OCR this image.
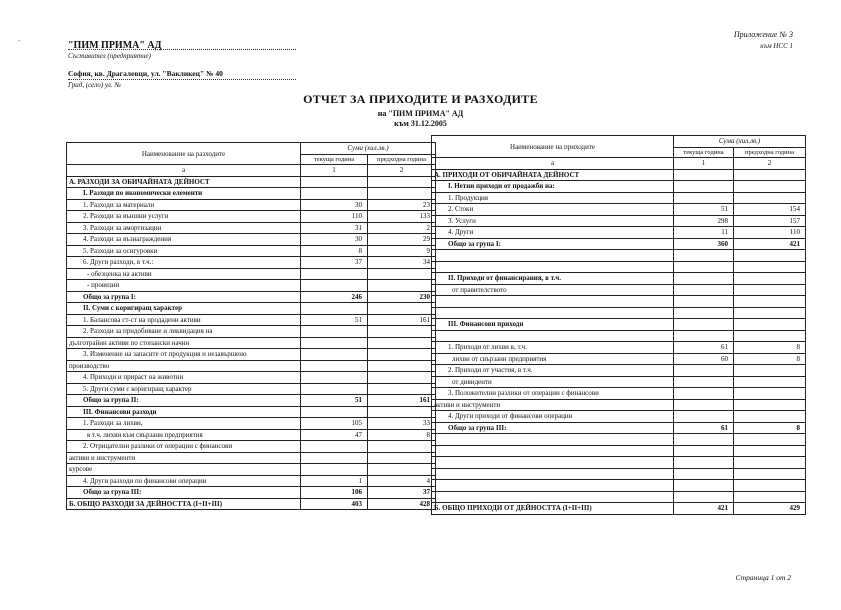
-	"ПИМ ПРИМА" АД
Съставител (предприятие)
София, кв. Драгалевци, ул. "Вакликец" № 40
Град, (село) ул. №
Приложение № 3
към НСС 1
ОТЧЕТ ЗА ПРИХОДИТЕ И РАЗХОДИТЕ
на "ПИМ ПРИМА" АД
към 31.12.2005
Наименование на разходите	Сума (хил.лв.)	
	текуща година	предходна година
а	1	2
А. РАЗХОДИ ЗА ОБИЧАЙНАТА ДЕЙНОСТ		
I. Разходи по икономически елементи		
1. Разходи за материали	30	23
2. Разходи за външни услуги	110	133
3. Разходи за амортизации	31	2
4. Разходи за възнаграждения	30	29
5. Разходи за осигуровки	8	9
6. Други разходи, в т.ч.:	37	34
- обезценка на активи		
- провизии		
Общо за група I:	246	230
II. Суми с коригиращ характер		
1. Балансова ст-ст на продадени активи	51	161
2. Разходи за придобиване и ликвидация на		
дълготрайни активи по стопански начин		
3. Изменение на запасите от продукция и незавършено		
производство		
4. Приходи и прираст на животни		
5. Други суми с коригиращ характер		
Общо за група II:	51	161
III. Финансови разходи		
1. Разходи за лихви,	105	33
в т.ч. лихви към свързани предприятия	47	8
2. Отрицателни разлики от операции с финансови		
активи и инструменти		
курсове		
4. Други разходи по финансови операции	1	4
Общо за група III:	106	37
Б. ОБЩО РАЗХОДИ ЗА ДЕЙНОСТТА (I+II+III)	403	428
Наименование на приходите	Сума (хил.лв.)	
	текуща година	предходна година
а	1	2
А. ПРИХОДИ ОТ ОБИЧАЙНАТА ДЕЙНОСТ		
I. Нетни приходи от продажби на:		
1. Продукция		
2. Стоки	51	154
3. Услуги	298	157
4. Други	11	110
Общо за група I:	360	421

II. Приходи от финансирания, в т.ч.		
от правителството		

III. Финансови приходи		

1. Приходи от лихви в, т.ч.	61	8
лихви от свързани предприятия	60	8
2. Приходи от участия, в т.ч.		
от дивиденти		
3. Положителни разлики от операции с финансови		
активи и инструменти		
4. Други приходи от финансови операции		
Общо за група III:	61	8

Б. ОБЩО ПРИХОДИ ОТ ДЕЙНОСТТА (I+II+III)	421	429
Страница 1 от 2
